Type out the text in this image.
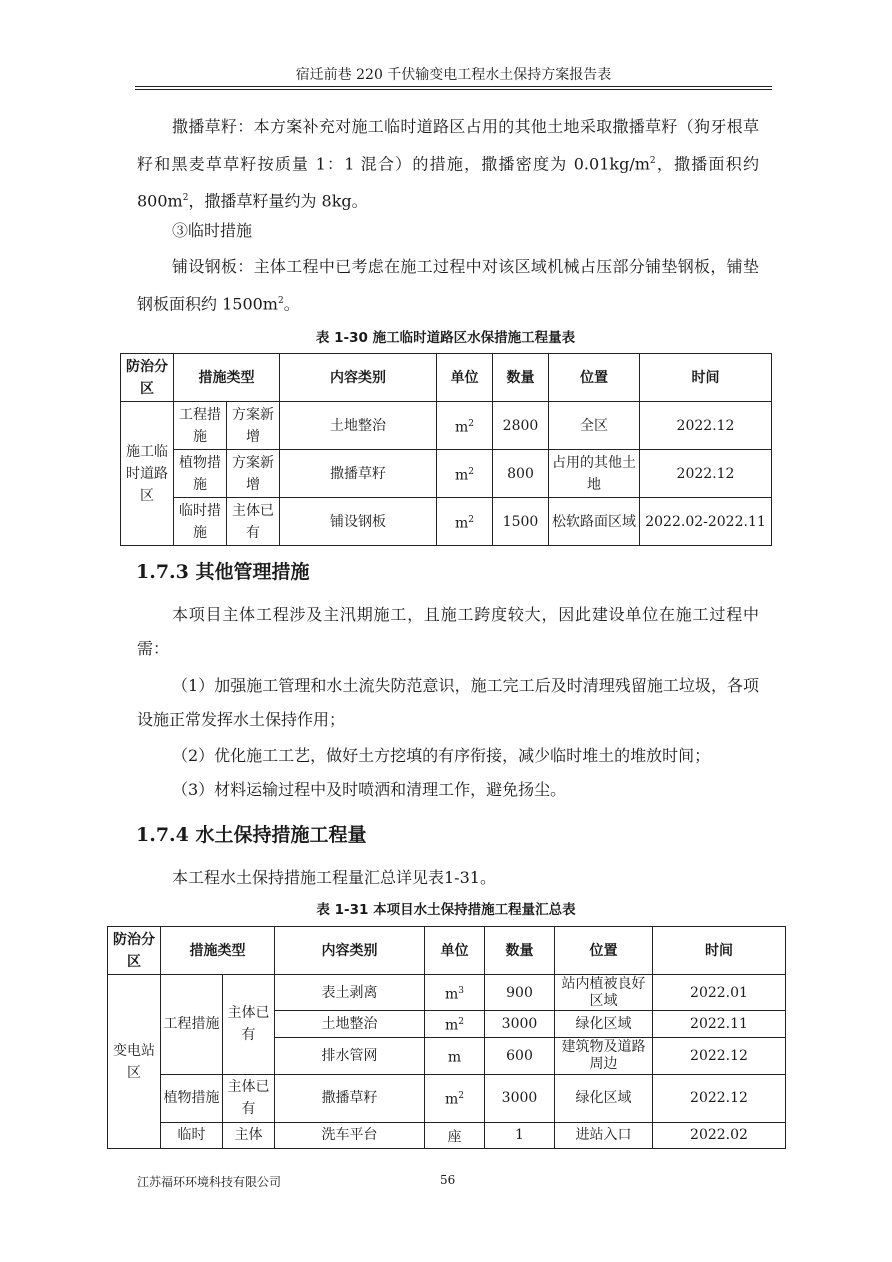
宿迁前巷 220 千伏输变电工程水土保持方案报告表
撒播草籽：本方案补充对施工临时道路区占用的其他土地采取撒播草籽（狗牙根草籽和黑麦草草籽按质量 1：1 混合）的措施，撒播密度为 $0.01kg/m^2$，撒播面积约 $800m^2$，撒播草籽量约为 8kg。
③临时措施
铺设钢板：主体工程中已考虑在施工过程中对该区域机械占压部分铺垫钢板，铺垫钢板面积约 $1500m^2$。
表 1-30 施工临时道路区水保措施工程量表
防治分区	措施类型		内容类别	单位	数量	位置	时间
施工临时道路区	工程措施	方案新增	土地整治	$m^2$	2800	全区	2022.12
	植物措施	方案新增	撒播草籽	$m^2$	800	占用的其他土地	2022.12
	临时措施	主体已有	铺设钢板	$m^2$	1500	松软路面区域	2022.02-2022.11
1.7.3 其他管理措施
本项目主体工程涉及主汛期施工，且施工跨度较大，因此建设单位在施工过程中需：
（1）加强施工管理和水土流失防范意识，施工完工后及时清理残留施工垃圾，各项设施正常发挥水土保持作用；
（2）优化施工工艺，做好土方挖填的有序衔接，减少临时堆土的堆放时间；
（3）材料运输过程中及时喷洒和清理工作，避免扬尘。
1.7.4 水土保持措施工程量
本工程水土保持措施工程量汇总详见表1-31。
表 1-31 本项目水土保持措施工程量汇总表
防治分区	措施类型		内容类别	单位	数量	位置	时间
变电站区	工程措施	主体已有	表土剥离	$m^3$	900	站内植被良好区域	2022.01
			土地整治	$m^2$	3000	绿化区域	2022.11
			排水管网	m	600	建筑物及道路周边	2022.12
	植物措施	主体已有	撒播草籽	$m^2$	3000	绿化区域	2022.12
	临时	主体	洗车平台	座	1	进站入口	2022.02
江苏福环环境科技有限公司	56
